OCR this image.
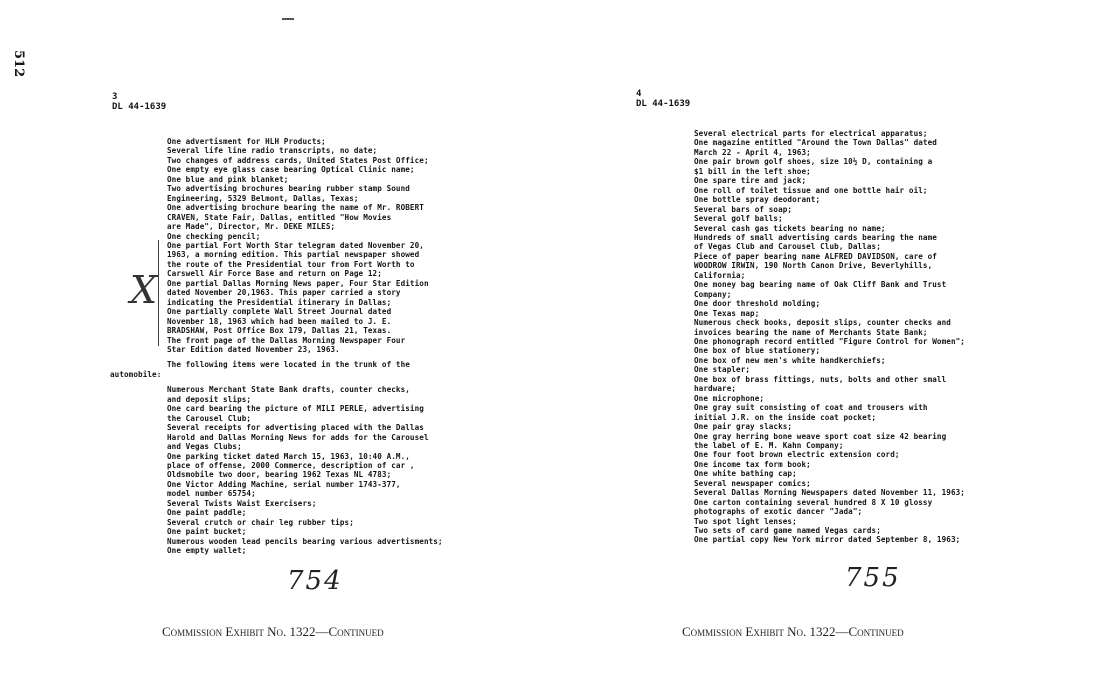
512
3
DL 44-1639
X
One advertisment for HLH Products;
Several life line radio transcripts, no date;
Two changes of address cards, United States Post Office;
One empty eye glass case bearing Optical Clinic name;
One blue and pink blanket;
Two advertising brochures bearing rubber stamp Sound
Engineering, 5329 Belmont, Dallas, Texas;
One advertising brochure bearing the name of Mr. ROBERT
CRAVEN, State Fair, Dallas, entitled "How Movies
are Made", Director, Mr. DEKE MILES;
One checking pencil;
One partial Fort Worth Star telegram dated November 20,
1963, a morning edition. This partial newspaper showed
the route of the Presidential tour from Fort Worth to
Carswell Air Force Base and return on Page 12;
One partial Dallas Morning News paper, Four Star Edition
dated November 20,1963. This paper carried a story
indicating the Presidential itinerary in Dallas;
One partially complete Wall Street Journal dated
November 18, 1963 which had been mailed to J. E.
BRADSHAW, Post Office Box 179, Dallas 21, Texas.
The front page of the Dallas Morning Newspaper Four
Star Edition dated November 23, 1963.
The following items were located in the trunk of the
automobile:
Numerous Merchant State Bank drafts, counter checks,
and deposit slips;
One card bearing the picture of MILI PERLE, advertising
the Carousel Club;
Several receipts for advertising placed with the Dallas
Harold and Dallas Morning News for adds for the Carousel
and Vegas Clubs;
One parking ticket dated March 15, 1963, 10:40 A.M.,
place of offense, 2000 Commerce, description of car ,
Oldsmobile two door, bearing 1962 Texas NL 4783;
One Victor Adding Machine, serial number 1743-377,
model number 65754;
Several Twists Waist Exercisers;
One paint paddle;
Several crutch or chair leg rubber tips;
One paint bucket;
Numerous wooden lead pencils bearing various advertisments;
One empty wallet;
754
Commission Exhibit No. 1322—Continued
4
DL 44-1639
Several electrical parts for electrical apparatus;
One magazine entitled "Around the Town Dallas" dated
March 22 - April 4, 1963;
One pair brown golf shoes, size 10½ D, containing a
$1 bill in the left shoe;
One spare tire and jack;
One roll of toilet tissue and one bottle hair oil;
One bottle spray deodorant;
Several bars of soap;
Several golf balls;
Several cash gas tickets bearing no name;
Hundreds of small advertising cards bearing the name
of Vegas Club and Carousel Club, Dallas;
Piece of paper bearing name ALFRED DAVIDSON, care of
WOODROW IRWIN, 190 North Canon Drive, Beverlyhills,
California;
One money bag bearing name of Oak Cliff Bank and Trust
Company;
One door threshold molding;
One Texas map;
Numerous check books, deposit slips, counter checks and
invoices bearing the name of Merchants State Bank;
One phonograph record entitled "Figure Control for Women";
One box of blue stationery;
One box of new men's white handkerchiefs;
One stapler;
One box of brass fittings, nuts, bolts and other small
hardware;
One microphone;
One gray suit consisting of coat and trousers with
initial J.R. on the inside coat pocket;
One pair gray slacks;
One gray herring bone weave sport coat size 42 bearing
the label of E. M. Kahn Company;
One four foot brown electric extension cord;
One income tax form book;
One white bathing cap;
Several newspaper comics;
Several Dallas Morning Newspapers dated November 11, 1963;
One carton containing several hundred 8 X 10 glossy
photographs of exotic dancer "Jada";
Two spot light lenses;
Two sets of card game named Vegas cards;
One partial copy New York mirror dated September 8, 1963;
755
Commission Exhibit No. 1322—Continued
